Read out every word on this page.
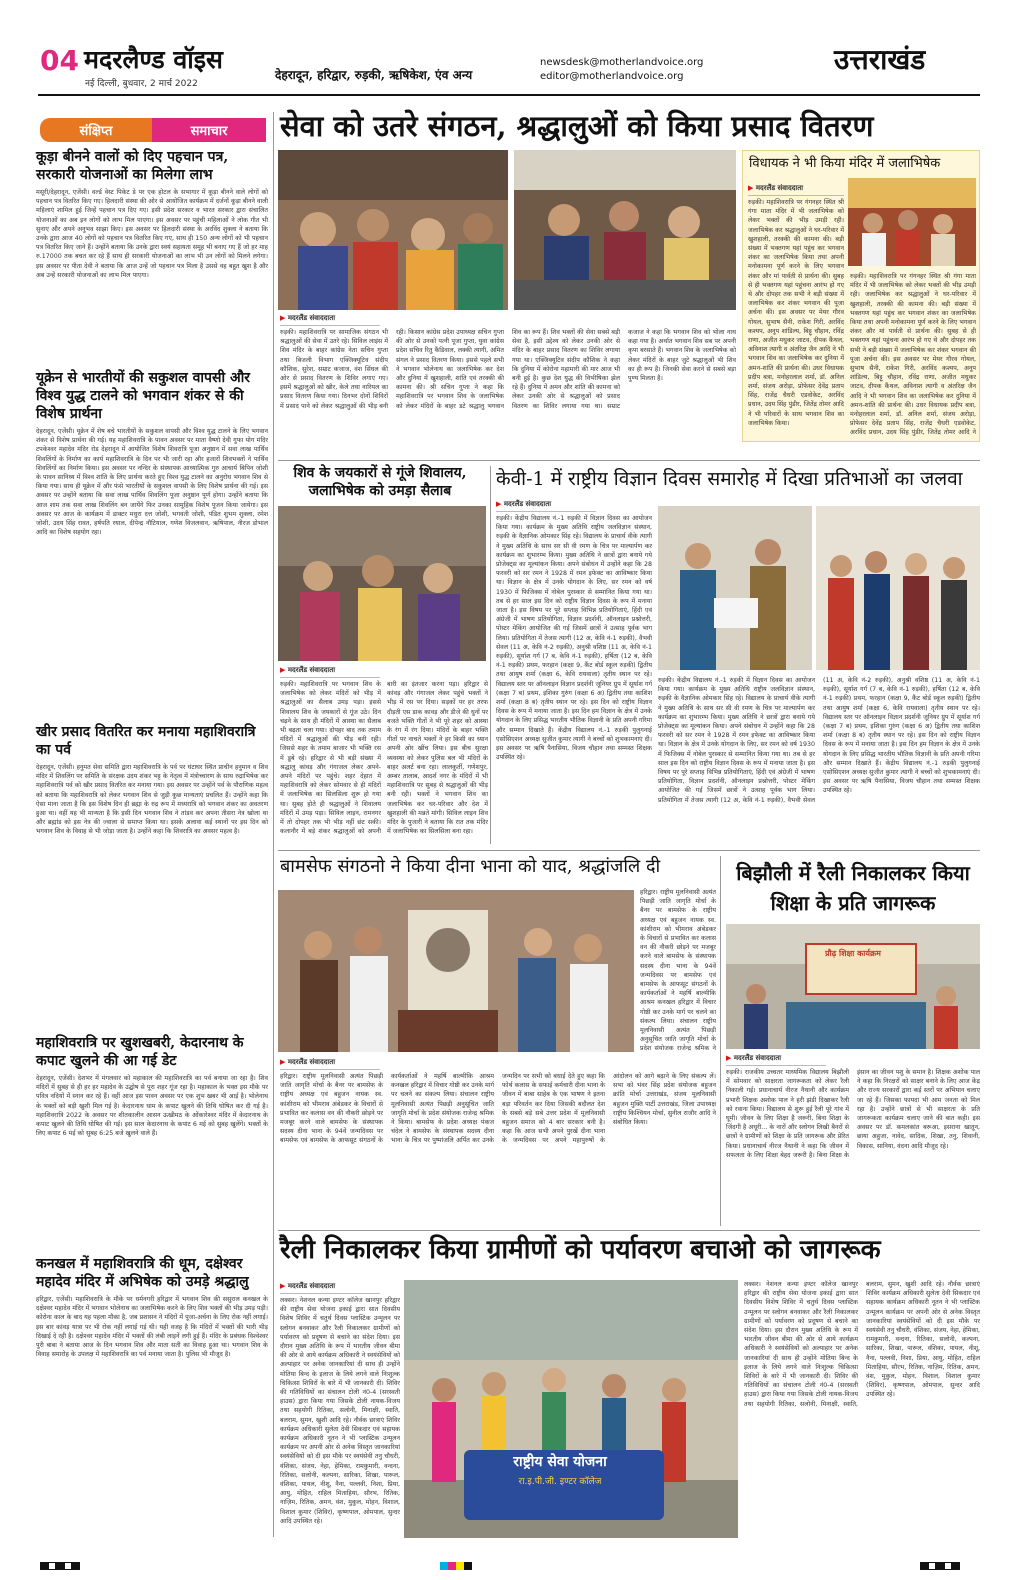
04 मदरलैण्ड वॉइस
नई दिल्ली, बुधवार, 2 मार्च 2022
देहरादून, हरिद्वार, रुड़की, ऋषिकेश, एंव अन्य
newsdesk@motherlandvoice.org
editor@motherlandvoice.org
उत्तराखंड
संक्षिप्त	समाचार
कूड़ा बीनने वालों को दिए पहचान पत्र, सरकारी योजनाओं का मिलेगा लाभ
मसूरी/देहरादून, एजेंसी। वर्ल्ड वेस्ट पिकेट डे पर एक होटल के सभागार में कूड़ा बीनने वाले लोगों को पहचान पत्र वितरित किए गए। हिलदारी संस्था की ओर से आयोजित कार्यक्रम में दर्जनों कूड़ा बीनने वाली महिलाएं शामिल हुई जिन्हें पहचान पत्र दिए गए। इसी प्रदेश सरकार व भारत सरकार द्वारा संचालित योजनाओं का अब इन लोगों को लाभ मिल पाएगा। इस अवसर पर पहुंची महिलाओं ने लोक गीत भी सुनाए और अपने अनुभव साझा किए। इस अवसर पर हिलदारी संस्था के अरविंद शुक्ला ने बताया कि उनके द्वारा आज 40 लोगों को पहचान पत्र वितरित किए गए, साथ ही 150 अन्य लोगों को भी पहचान पत्र वितरित किए जाने हैं। उन्होंने बताया कि उनके द्वारा स्वयं सहायता समूह भी बनाए गए हैं जो हर माह रु.17000 तक बचत कर रहे हैं साथ ही सरकारी योजनाओं का लाभ भी उन लोगों को मिलने लगेगा। इस अवसर पर पीता देवी ने बताया कि आज उन्हें जो पहचान पत्र मिला है उससे वह बहुत खुश है और अब उन्हें सरकारी योजनाओं का लाभ मिल पाएगा।
यूक्रेन से भारतीयों की सकुशल वापसी और विश्व युद्ध टालने को भगवान शंकर से की विशेष प्रार्थना
देहरादून, एजेंसी। यूक्रेन में शेष बचे भारतीयों के सकुशल वापसी और विश्व युद्ध टालने के लिए भगवान शंकर से विशेष प्रार्थना की गई। यह महाशिवरात्रि के पावन अवसर पर माता वैष्णो देवी गुफा योग मंदिर टपकेश्वर महादेव मंदिर रोड देहरादून में आयोजित विशेष शिवरात्रि पूजा अनुष्ठान में सवा लाख पार्थिव शिवलिंगों के निर्माण का कार्य महाशिवरात्रि के दिन पर भी जारी रहा और हजारों शिवभक्तों ने पार्थिव शिवलिंगों का निर्माण किया। इस अवसर पर नन्दिर के संस्थापक आध्यात्मिक गुरु आचार्य बिपिन जोशी के पावन सानिध्य में विश्व शांति के लिए प्रार्थना करते हुए विश्व युद्ध टालने का अनुरोध भगवान शिव से किया गया। साथ ही यूक्रेन में और फंसे भारतीयों के सकुशल वापसी के लिए विशेष प्रार्थना की गई। इस अवसर पर उन्होंने बताया कि सवा लाख पार्थिव शिवलिंग पूजा अनुष्ठान पूर्ण होगा। उन्होंने बताया कि आज शाम तक सवा लाख शिवलिंग बन जायेंगे फिर उनका सामूहिक विशेष पूजन किया जायेगा। इस अवसर पर आज के कार्यक्रम में डाक्टर मधुरा दत्त जोशी, भगवती जोशी, पंडित शुभम शुक्ला, रमेश जोशी, उदय सिंह रावत, हर्षपति रयाल, दीपेन्द्र नौटियाल, गणेश विजलवान, ऋषिपाल, नीरज डोभाल आदि का विशेष सहयोग रहा।
खीर प्रसाद वितरित कर मनाया महाशिवरात्रि का पर्व
देहरादून, एजेंसी। हनुमत सेवा समिति द्वारा महाशिवरात्रि के पर्व पर घंटाघर स्थित प्राचीन हनुमान व शिव मंदिर में शिवलिंग पर समिति के संरक्षक उदय शंकर भट्ट के नेतृत्व में मंत्रोच्चारण के साथ रुद्राभिषेक कर महाशिवरात्रि पर्व को खीर प्रसाद वितरित कर मनाया गया। इस अवसर पर उन्होंने पर्व के पौराणिक महत्व को बताया कि महाशिवरात्रि को लेकर भगवान शिव से जुड़ी कुछ मान्यताएं प्रचलित हैं। उन्होंने कहा कि ऐसा माना जाता है कि इस विशेष दिन ही ब्रह्मा के रुद्र रूप में मध्यरात्रि को भगवान शंकर का अवतरण हुआ था। वहीं यह भी मान्यता है कि इसी दिन भगवान शिव ने तांडव कर अपना तीसरा नेत्र खोला था और ब्रह्मांड को इस नेत्र की ज्वाला से समाप्त किया था। इसके अलावा कई स्थानों पर इस दिन को भगवान शिव के विवाह से भी जोड़ा जाता है। उन्होंने कहा कि शिवरात्रि का अवसर महत्व है।
महाशिवरात्रि पर खुशखबरी, केदारनाथ के कपाट खुलने की आ गई डेट
देहरादून, एजेंसी। देशभर में मंगलवार को महाकाल की महाशिवरात्रि का पर्व बनाया जा रहा है। शिव मंदिरों में सुबह से ही हर हर महादेव के उद्घोष से पूरा शहर गूंज रहा है। महाकाल के भक्त इस मौके पर पवित्र नदियों में स्नान कर रहे हैं। वहीं आज इस पावन अवसर पर एक शुभ खबर भी आई है। भोलेनाथ के भक्तों को बड़ी खुशी मिल गई है। केदारनाथ धाम के कपाट खुलने की तिथि घोषित कर दी गई है। महाशिवरात्रि 2022 के अवसर पर शीतकालीन आसन ऊखीमठ के ओंकारेश्वर मंदिर में केदारनाथ के कपाट खुलने की तिथि घोषित की गई। इस साल केदारनाथ के कपाट 6 मई को सुबह खुलेंगे। भक्तों के लिए कपाट 6 मई को सुबह 6:25 बजे खुलने वाले हैं।
कनखल में महाशिवरात्रि की धूम, दक्षेश्वर महादेव मंदिर में अभिषेक को उमड़े श्रद्धालु
हरिद्वार, एजेंसी। महाशिवरात्रि के मौके पर धर्मनगरी हरिद्वार में भगवान शिव की ससुराल कनखल के दक्षेश्वर महादेव मंदिर में भगवान भोलेनाथ का जलाभिषेक करने के लिए शिव भक्तों की भीड़ उमड़ पड़ी। कोरोना काल के बाद यह पहला मौका है, जब प्रशासन ने मंदिरों में पूजा-अर्चना के लिए रोक नहीं लगाई। इस बार कांवड़ यात्रा पर भी रोक नहीं लगाई गई थी। यही वजह है कि मंदिरों में भक्तों की भारी भीड़ दिखाई दे रही है। दक्षेश्वर महादेव मंदिर में भक्तों की लंबी लाइनें लगी हुई हैं। मंदिर के प्रबंधक विश्वेश्वर पुरी बाबा ने बताया आज के दिन भगवान शिव और माता सती का विवाह हुआ था। भगवान शिव के विवाह समारोह के उपलक्ष में महाशिवरात्रि का पर्व मनाया जाता है। पुलिस भी मौजूद है।
सेवा को उतरे संगठन, श्रद्धालुओं को किया प्रसाद वितरण
विधायक ने भी किया मंदिर में जलाभिषेक
▶ मदरलैंड संवाददाता
रुड़की। महाशिवरात्रि पर गंगनहर स्थित श्री गंगा माता मंदिर में भी जलाभिषेक को लेकर भक्तों की भीड़ उमड़ी रही। जलाभिषेक कर श्रद्धालुओं ने घर-परिवार में खुशहाली, तरक्की की कामना की। बड़ी संख्या में भक्तगण यहां पहुंच कर भगवान शंकर का जलाभिषेक किया तथा अपनी मनोकामना पूर्ण करने के लिए भगवान शंकर और मां पार्वती से प्रार्थना की। सुबह से ही भक्तगण यहां पहुंचना आरंभ हो गए थे और दोपहर तक सभी ने बड़ी संख्या में जलाभिषेक कर शंकर भगवान की पूजा अर्चना की। इस अवसर पर मेयर गौरव गोयल, सुभाष सैनी, राकेश गिरी, अरविंद कश्यप, अनूप शांडिल्य, बिट्टू चौहान, रविंद्र राणा, अजीत मधुकर जाटव, दीपक कैंथल, अविनाश त्यागी व अंतरिक्ष जैन आदि ने भी भगवान शिव का जलाभिषेक कर दुनिया में अमन-शांति की प्रार्थना की। उधर विधायक प्रदीप बत्रा, मनोहरलाल शर्मा, डॉ. अनिल शर्मा, संजय अरोड़ा, प्रोफेसर देवेंद्र प्रताप सिंह, राजेंद्र चैधरी एडवोकेट, अरविंद प्रधान, उदय सिंह पुंडीर, जितेंद्र तोमर आदि ने भी परिवारों के साथ भगवान शिव का जलाभिषेक किया।
रुड़की। महाशिवरात्रि पर गंगनहर स्थित श्री गंगा माता मंदिर में भी जलाभिषेक को लेकर भक्तों की भीड़ उमड़ी रही। जलाभिषेक कर श्रद्धालुओं ने घर-परिवार में खुशहाली, तरक्की की कामना की। बड़ी संख्या में भक्तगण यहां पहुंच कर भगवान शंकर का जलाभिषेक किया तथा अपनी मनोकामना पूर्ण करने के लिए भगवान शंकर और मां पार्वती से प्रार्थना की। सुबह से ही भक्तगण यहां पहुंचना आरंभ हो गए थे और दोपहर तक सभी ने बड़ी संख्या में जलाभिषेक कर शंकर भगवान की पूजा अर्चना की। इस अवसर पर मेयर गौरव गोयल, सुभाष सैनी, राकेश गिरी, अरविंद कश्यप, अनूप शांडिल्य, बिट्टू चौहान, रविंद्र राणा, अजीत मधुकर जाटव, दीपक कैंथल, अविनाश त्यागी व अंतरिक्ष जैन आदि ने भी भगवान शिव का जलाभिषेक कर दुनिया में अमन-शांति की प्रार्थना की। उधर विधायक प्रदीप बत्रा, मनोहरलाल शर्मा, डॉ. अनिल शर्मा, संजय अरोड़ा, प्रोफेसर देवेंद्र प्रताप सिंह, राजेंद्र चैधरी एडवोकेट, अरविंद प्रधान, उदय सिंह पुंडीर, जितेंद्र तोमर आदि ने
▶ मदरलैंड संवाददाता
रुड़की। महाशिवरात्रि पर सामाजिक संगठन भी श्रद्धालुओं की सेवा में उतरे रहे। सिविल लाइंस में शिव मंदिर के बाहर कांग्रेस नेता सचिन गुप्ता तथा बिजली विभाग एक्जिक्यूटिव संदीप कौशिक, सुरेश, सम्राट कजाज, वंश सिंघल की ओर से प्रसाद वितरण के शिविर लगाए गए। इसमें श्रद्धालुओं को खीर, केले तथा नारियल का प्रसाद वितरण किया गया। दिनभर दोनों शिविरों में प्रसाद पाने को लेकर श्रद्धालुओं की भीड़ बनी रही। किसान कांग्रेस प्रदेश उपाध्यक्ष सचिन गुप्ता की ओर से उनको पत्नी पूजा गुप्ता, युवा कांग्रेस प्रदेश सचिव रितु कैंडिवाल, लक्की त्यागी, अमित संगल ने प्रसाद वितरण किया। इससे पहले सभी ने भगवान भोलेनाथ का जलाभिषेक कर देश और दुनिया में खुशहाली, शांति एवं तरक्की की कामना की। श्री सचिन गुप्ता ने कहा कि महाशिवरात्रि पर भगवान शिव के जलाभिषेक को लेकर मंदिरों के बाहर डटे श्रद्धालु भगवान शिव का रूप हैं। शिव भक्तों की सेवा सबसे बड़ी सेवा है, इसी उद्देश्य को लेकर उनकी ओर से मंदिर के बाहर प्रसाद वितरण का शिविर लगाया गया था। एक्जिक्यूटिव संदीप कौशिक ने कहा कि दुनिया में कोरोना महामारी की मार आज भी बनी हुई है। कुछ देश युद्ध की विभीषिका झेल रहे हैं। दुनिया में अमन और शांति की कामना को लेकर उनकी ओर से श्रद्धालुओं को प्रसाद वितरण का शिविर लगाया गया था। सम्राट कजाज ने कहा कि भगवान शिव को भोला नाथ कहा गया है। अर्थात भगवान शिव सब पर अपनी कृपा बरसाते हैं। भगवान शिव के जलाभिषेक को लेकर मंदिरों के बाहर जुटे श्रद्धालुओं भी शिव का ही रूप है। जिनकी सेवा करने से सबसे बड़ा पुण्य मिलता है।
शिव के जयकारों से गूंजे शिवालय, जलाभिषेक को उमड़ा सैलाब
▶ मदरलैंड संवाददाता
रुड़की। महाशिवरात्रि पर भगवान शिव के जलाभिषेक को लेकर मंदिरों को भीड़ में श्रद्धालुओं का सैलाब उमड़ पड़ा। इससे शिवालय शिव के जयकारों से गूंज उठे। दिन चढ़ने के साथ ही मंदिरों में आस्था का सैलाब भी बढ़ता चला गया। दोपहर बाद तक तमाम मंदिरों में श्रद्धालुओं की भीड़ बनी रही। जिससे शहर के तमाम बाजार भी भक्ति रस में डूबे रहे। हरिद्वार से भी बड़ी संख्या में श्रद्धालु कांवड़ और गंगाजल लेकर अपने-अपने मंदिरों पर पहुंचे। शहर देहात में महाशिवरात्रि को लेकर सोमवार से ही मंदिरों में जलाभिषेक का सिलसिला शुरू हो गया था। सुबह होते ही श्रद्धालुओं ने शिवालय मंदिरों में उमड़ पड़ा। सिविल लाइन, रामनगर में तो दोपहर तक भी भीड़ नहीं छंट सकी। कलानौर में बड़े शंकर श्रद्धालुओं को अपनी बारी का इंतजार करना पड़ा। हरिद्वार से कांवड़ और गंगाजल लेकर पहुंचे भक्तों ने भीड़ में रस पर दिया। सड़कों पर हर तरफ दौड़ती एस डाक कावड़ और डीजे की धुनों पर बजते भक्ति गीतों ने भी पूरे शहर को आस्था के रंग में रंग दिया। मंदिरों के बाहर भक्ति गीतों पर नाचते भक्तों ने हर किसी का ध्यान अपनी ओर खींच लिया। इस बीच सुरक्षा व्यवस्था को लेकर पुलिस बल भी मंदिरों के बाहर अलर्ट बना रहा। लालकुर्ती, गणेशपुर, अम्बर तालाब, आदर्श नगर के मंदिरों में भी महाशिवरात्रि पर सुबह से श्रद्धालुओं की भीड़ बनी रही। भक्तों ने भगवान शिव का जलाभिषेक कर घर-परिवार और देश में खुशहाली की मन्नते मांगी। सिविल लाइन शिव मंदिर के पुजारी ने बताया कि रात तक मंदिर में जलाभिषेक का सिलसिला बना रहा।
केवी-1 में राष्ट्रीय विज्ञान दिवस समारोह में दिखा प्रतिभाओं का जलवा
▶ मदरलैंड संवाददाता
रुड़की। केंद्रीय विद्यालय नं.-1 रुड़की में विज्ञान दिवस का आयोजन किया गया। कार्यक्रम के मुख्य अतिथि राष्ट्रीय जलविज्ञान संस्थान, रुड़की के वैज्ञानिक ओमकार सिंह रहे। विद्यालय के प्राचार्य वीके त्यागी ने मुख्य अतिथि के साथ सर सी वी रमण के चित्र पर माल्यार्पण कर कार्यक्रम का शुभारम्भ किया। मुख्य अतिथि ने छात्रों द्वारा बनाये गये प्रोजेक्ट्स का मूल्यांकन किया। अपने संबोधन में उन्होंने कहा कि 28 फरवरी को सर रमन ने 1928 में रमन इफेक्ट का आविष्कार किया था। विज्ञान के क्षेत्र में उनके योगदान के लिए, सर रमन को वर्ष 1930 में फिजिक्स में नोबेल पुरस्कार से सम्मानित किया गया था। तब से हर साल इस दिन को राष्ट्रीय विज्ञान दिवस के रूप में मनाया जाता है। इस विषय पर पूरे सप्ताह विभिन्न प्रतियोगिताएं, हिंदी एवं अंग्रेजी में भाषण प्रतियोगिता, विज्ञान प्रदर्शनी, ऑनलाइन प्रश्नोत्तरी, पोस्टर मेकिंग आयोजित की गई जिसमें छात्रों ने उत्साह पूर्वक भाग लिया। प्रतियोगिता में तेजस त्यागी (12 अ, केवि नं-1 रुड़की), वैभवी सेवल (11 अ, केवि नं-2 रुड़की), अनुश्री वशिष्ठ (11 अ, केवि नं-1 रुड़की), सूर्याश गर्ग (7 ब, केवि नं-1 रुड़की), हर्षिता (12 ब, केवि नं-1 रुड़की) प्रथम, फरहान (कक्षा 9, कैंट बोर्ड स्कूल रुड़की) द्वितीय तथा आयुष शर्मा (कक्षा 6, केवि रायवाला) तृतीय स्थान पर रहे। विद्यालय स्तर पर ऑनलाइन विज्ञान प्रदर्शनी जूनियर ग्रुप में सूर्याश गर्ग (कक्षा 7 ब) प्रथम, इशिका गुरुंग (कक्षा 6 अ) द्वितीय तथा काशिश शर्मा (कक्षा 8 ब) तृतीय स्थान पर रहे। इस दिन को राष्ट्रीय विज्ञान दिवस के रूप में मनाया जाता है। इस दिन हम विज्ञान के क्षेत्र में उनके योगदान के लिए प्रसिद्ध भारतीय भौतिक विज्ञानी के प्रति अपनी गरिमा और सम्मान दिखाते हैं। केंद्रीय विद्यालय नं.-1 रुड़की पुलुगनाई एसोसिएशन अध्यक्ष सुजीत कुमार त्यागी ने बच्चों को शुभकामनाएं दी। इस अवसर पर ऋषि पैनासिया, विजय चौहान तथा सम्मस्त शिक्षक उपस्थित रहे।
रुड़की। केंद्रीय विद्यालय नं.-1 रुड़की में विज्ञान दिवस का आयोजन किया गया। कार्यक्रम के मुख्य अतिथि राष्ट्रीय जलविज्ञान संस्थान, रुड़की के वैज्ञानिक ओमकार सिंह रहे। विद्यालय के प्राचार्य वीके त्यागी ने मुख्य अतिथि के साथ सर सी वी रमण के चित्र पर माल्यार्पण कर कार्यक्रम का शुभारम्भ किया। मुख्य अतिथि ने छात्रों द्वारा बनाये गये प्रोजेक्ट्स का मूल्यांकन किया। अपने संबोधन में उन्होंने कहा कि 28 फरवरी को सर रमन ने 1928 में रमन इफेक्ट का आविष्कार किया था। विज्ञान के क्षेत्र में उनके योगदान के लिए, सर रमन को वर्ष 1930 में फिजिक्स में नोबेल पुरस्कार से सम्मानित किया गया था। तब से हर साल इस दिन को राष्ट्रीय विज्ञान दिवस के रूप में मनाया जाता है। इस विषय पर पूरे सप्ताह विभिन्न प्रतियोगिताएं, हिंदी एवं अंग्रेजी में भाषण प्रतियोगिता, विज्ञान प्रदर्शनी, ऑनलाइन प्रश्नोत्तरी, पोस्टर मेकिंग आयोजित की गई जिसमें छात्रों ने उत्साह पूर्वक भाग लिया। प्रतियोगिता में तेजस त्यागी (12 अ, केवि नं-1 रुड़की), वैभवी सेवल (11 अ, केवि नं-2 रुड़की), अनुश्री वशिष्ठ (11 अ, केवि नं-1 रुड़की), सूर्याश गर्ग (7 ब, केवि नं-1 रुड़की), हर्षिता (12 ब, केवि नं-1 रुड़की) प्रथम, फरहान (कक्षा 9, कैंट बोर्ड स्कूल रुड़की) द्वितीय तथा आयुष शर्मा (कक्षा 6, केवि रायवाला) तृतीय स्थान पर रहे। विद्यालय स्तर पर ऑनलाइन विज्ञान प्रदर्शनी जूनियर ग्रुप में सूर्याश गर्ग (कक्षा 7 ब) प्रथम, इशिका गुरुंग (कक्षा 6 अ) द्वितीय तथा काशिश शर्मा (कक्षा 8 ब) तृतीय स्थान पर रहे। इस दिन को राष्ट्रीय विज्ञान दिवस के रूप में मनाया जाता है। इस दिन हम विज्ञान के क्षेत्र में उनके योगदान के लिए प्रसिद्ध भारतीय भौतिक विज्ञानी के प्रति अपनी गरिमा और सम्मान दिखाते हैं। केंद्रीय विद्यालय नं.-1 रुड़की पुलुगनाई एसोसिएशन अध्यक्ष सुजीत कुमार त्यागी ने बच्चों को शुभकामनाएं दी। इस अवसर पर ऋषि पैनासिया, विजय चौहान तथा सम्मस्त शिक्षक उपस्थित रहे।
बामसेफ संगठनो ने किया दीना भाना को याद, श्रद्धांजलि दी
हरिद्वार। राष्ट्रीय मूलनिवासी अत्यंत पिछड़ी जाति जागृति मोर्चा के बैनर पर बामसेफ के राष्ट्रीय अध्यक्ष एवं बहुजन नायक स्व. कांशीराम को भीमराव अंबेडकर के विचारों से प्रभावित कर कलास वन की नौकरी छोड़ने पर मजबूर करने वाले बामसेफ के संस्थापक सदस्य दीना भाना के 94वें जन्मदिवस पर बामसेफ एवं बामसेफ के आफसूट संगठनों के कार्यकर्ताओं ने महर्षि बाल्मीकि आश्रम कनखल हरिद्वार में विचार गोष्ठी कर उनके मार्ग पर चलने का संकल्प लिया। संचालन राष्ट्रीय मूलनिवासी अत्यंत पिछड़ी अनुसूचित जाति जागृति मोर्चा के प्रदेश संयोजक राजेन्द्र श्रमिक ने
▶ मदरलैंड संवाददाता
हरिद्वार। राष्ट्रीय मूलनिवासी अत्यंत पिछड़ी जाति जागृति मोर्चा के बैनर पर बामसेफ के राष्ट्रीय अध्यक्ष एवं बहुजन नायक स्व. कांशीराम को भीमराव अंबेडकर के विचारों से प्रभावित कर कलास वन की नौकरी छोड़ने पर मजबूर करने वाले बामसेफ के संस्थापक सदस्य दीना भाना के 94वें जन्मदिवस पर बामसेफ एवं बामसेफ के आफसूट संगठनों के कार्यकर्ताओं ने महर्षि बाल्मीकि आश्रम कनखल हरिद्वार में विचार गोष्ठी कर उनके मार्ग पर चलने का संकल्प लिया। संचालन राष्ट्रीय मूलनिवासी अत्यंत पिछड़ी अनुसूचित जाति जागृति मोर्चा के प्रदेश संयोजक राजेन्द्र श्रमिक ने किया। बामसेफ के प्रदेश अध्यक्ष पंकज चंदेल ने बामसेफ के संस्थापक सदस्य दीना भाना के चित्र पर पुष्पांजलि अर्पित कर उनके जन्मदिन पर सभी को बधाई देते हुए कहा कि फोर्थ कलास के सफाई कर्मचारी दीना भाना के जीवन में बाबा साहेब के एक भाषण ने इतना बड़ा परिवर्तन कर दिया जिसकी बदौलत देश के सबसे बड़े सबे उत्तर प्रदेश में मूलनिवासी बहुजन समाज को 4 बार सरकार बनी है। कहा कि आज सभी अपने पुरखें दीना भाना के जन्मदिवस पर अपने महापुरुषों के आंदोलन को आगे बढ़ाने के लिए संकल्प लें। सभा को भंवर सिंह प्रदेश संयोजक बहुजन क्रांति मोर्चा उत्तराखंड, संजय मूलनिवासी बहुजन मुक्ति पार्टी उत्तराखंड, जिला उपाध्यक्ष राष्ट्रीय किश्चियन मोर्चा, सुनील राजौर आदि ने संबोधित किया।
बिझौली में रैली निकालकर किया शिक्षा के प्रति जागरूक
प्रौढ़ शिक्षा कार्यक्रम
▶ मदरलैंड संवाददाता
रुड़की। राजकीय उच्चतर माध्यमिक विद्यालय बिझौली में सोमवार को साक्षरता जागरूकता को लेकर रैली निकाली गई। प्रधानाचार्य नीरज नैथानी और कार्यक्रम प्रभारी शिक्षक अशोक पाल ने हरी झंडी दिखाकर रैली को रवाना किया। विद्यालय से शुरू हुई रैली पूरे गांव में घूमी। जीवन के लिए शिक्षा है जरूरी, बिना शिक्षा के जिंदगी है अधूरी... के नारों और स्लोगन लिखी बैनरों से छात्रों ने ग्रामीणों को शिक्षा के प्रति जागरूक और प्रेरित किया। प्रधानाचार्य नीरज नैथानी ने कहा कि जीवन में सफलता के लिए शिक्षा बेहद जरूरी है। बिना शिक्षा के इंसान का जीवन पशु के समान है। शिक्षक अशोक पाल ने कहा कि निरक्षरों को साक्षर बनाने के लिए आज केंद्र और राज्य सरकारों द्वारा कई स्तरों पर अभियान चलाए जा रहे हैं। जिसका फायदा भी आम जनता को मिल रहा है। उन्होंने छात्रों से भी साक्षरता के प्रति जागरूकता कार्यक्रम चलाए जाने की बात कही। इस अवसर पर डॉ. कमलकांत बरूआ, इसराना खातून, छाया अहुजा, नावेद, सादिक, शिखा, तनु, शिवानी, विकास, सानिया, वंदना आदि मौजूद रहे।
रैली निकालकर किया ग्रामीणों को पर्यावरण बचाओ को जागरूक
▶ मदरलैंड संवाददाता
लक्सर। नेशनल कन्या इण्टर कॉलेज खानपुर हरिद्वार की राष्ट्रीय सेवा योजना इकाई द्वारा सात दिवसीय विशेष शिविर में चतुर्थ दिवस प्लास्टिक उन्मूलन पर स्लोगन बनवाकर और रैली निकालकर ग्रामीणों को पर्यावरण को प्रदूषण से बचाने का संदेश दिया। इस दौरान मुख्य अतिथि के रूप में भारतीय जीवन बीमा की ओर से आये कार्यक्रम अधिकारी ने स्वयंसेवियों को अल्पाहार पर अनेक जानकारियां दी साथ ही उन्होंने मोतिया बिन्द के इलाज के लिये लगने वाले निःशुल्क चिकित्सा शिविरों के बारे में भी जानकारी दी। शिविर की गतिविधियों का संचालन टोली नं0-4 (सरस्वती हाउस) द्वारा किया गया जिसके टोली नायक-विजय तथा सहयोगी रितिका, सलोनी, मिनाक्षी, स्वाति, बलराम, सुमन, खुशी आदि रहे। नौर्वक छात्राएं शिविर कार्यक्रम अधिकारी सुलेता देवी सिकदार एवं सहायक कार्यक्रम अधिकारी नूतन ने भी प्लास्टिक उन्मूलन कार्यक्रम पर अपनी ओर से अनेक विस्तृत जानकारियां स्वयंसेवियों को दी इस मौके पर स्वयंसेवी तनु चौधरी, वंशिका, संजय, नेहा, हेमिका, रामकुमारी, वन्दना, रितिका, सलोनी, कल्पना, सारिका, शिखा, पारूल, वंशिका, पायल, नीशू, नैना, पल्लवी, निशा, प्रिया, आयु, मोहित, राहिल मिताहिया, सौरभ, रितिक, नाज़िम, रितिक, अमन, वंश, मुकुल, मोहन, विशाल, विशाल कुमार (शिविर), कृष्णपाल, ओमपाल, सुन्दर आदि उपस्थित रहे।
राष्ट्रीय सेवा योजना
रा.इ.पी.जी. इण्टर कॉलेज
लक्सर। नेशनल कन्या इण्टर कॉलेज खानपुर हरिद्वार की राष्ट्रीय सेवा योजना इकाई द्वारा सात दिवसीय विशेष शिविर में चतुर्थ दिवस प्लास्टिक उन्मूलन पर स्लोगन बनवाकर और रैली निकालकर ग्रामीणों को पर्यावरण को प्रदूषण से बचाने का संदेश दिया। इस दौरान मुख्य अतिथि के रूप में भारतीय जीवन बीमा की ओर से आये कार्यक्रम अधिकारी ने स्वयंसेवियों को अल्पाहार पर अनेक जानकारियां दी साथ ही उन्होंने मोतिया बिन्द के इलाज के लिये लगने वाले निःशुल्क चिकित्सा शिविरों के बारे में भी जानकारी दी। शिविर की गतिविधियों का संचालन टोली नं0-4 (सरस्वती हाउस) द्वारा किया गया जिसके टोली नायक-विजय तथा सहयोगी रितिका, सलोनी, मिनाक्षी, स्वाति, बलराम, सुमन, खुशी आदि रहे। नौर्वक छात्राएं शिविर कार्यक्रम अधिकारी सुलेता देवी सिकदार एवं सहायक कार्यक्रम अधिकारी नूतन ने भी प्लास्टिक उन्मूलन कार्यक्रम पर अपनी ओर से अनेक विस्तृत जानकारियां स्वयंसेवियों को दी इस मौके पर स्वयंसेवी तनु चौधरी, वंशिका, संजय, नेहा, हेमिका, रामकुमारी, वन्दना, रितिका, सलोनी, कल्पना, सारिका, शिखा, पारूल, वंशिका, पायल, नीशू, नैना, पल्लवी, निशा, प्रिया, आयु, मोहित, राहिल मिताहिया, सौरभ, रितिक, नाज़िम, रितिक, अमन, वंश, मुकुल, मोहन, विशाल, विशाल कुमार (शिविर), कृष्णपाल, ओमपाल, सुन्दर आदि उपस्थित रहे।
